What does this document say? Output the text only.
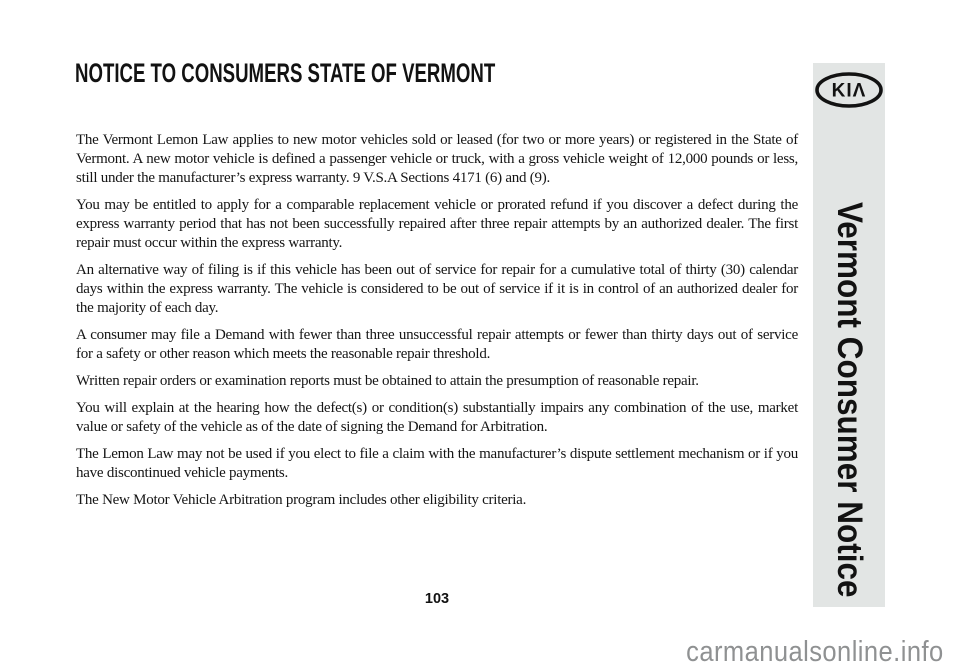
NOTICE TO CONSUMERS STATE OF VERMONT

The Vermont Lemon Law applies to new motor vehicles sold or leased (for two or more years) or registered in the State of Vermont. A new motor vehicle is defined a passenger vehicle or truck, with a gross vehicle weight of 12,000 pounds or less, still under the manufacturer’s express warranty. 9 V.S.A Sections 4171 (6) and (9).

You may be entitled to apply for a comparable replacement vehicle or prorated refund if you discover a defect during the express warranty period that has not been successfully repaired after three repair attempts by an authorized dealer. The first repair must occur within the express warranty.

An alternative way of filing is if this vehicle has been out of service for repair for a cumulative total of thirty (30) calendar days within the express warranty. The vehicle is considered to be out of service if it is in control of an authorized dealer for the majority of each day.

A consumer may file a Demand with fewer than three unsuccessful repair attempts or fewer than thirty days out of service for a safety or other reason which meets the reasonable repair threshold.

Written repair orders or examination reports must be obtained to attain the presumption of reasonable repair.

You will explain at the hearing how the defect(s) or condition(s) substantially impairs any combination of the use, market value or safety of the vehicle as of the date of signing the Demand for Arbitration.

The Lemon Law may not be used if you elect to file a claim with the manufacturer’s dispute settlement mechanism or if you have discontinued vehicle payments.

The New Motor Vehicle Arbitration program includes other eligibility criteria.

KIΛ
Vermont Consumer Notice
103
carmanualsonline.info
